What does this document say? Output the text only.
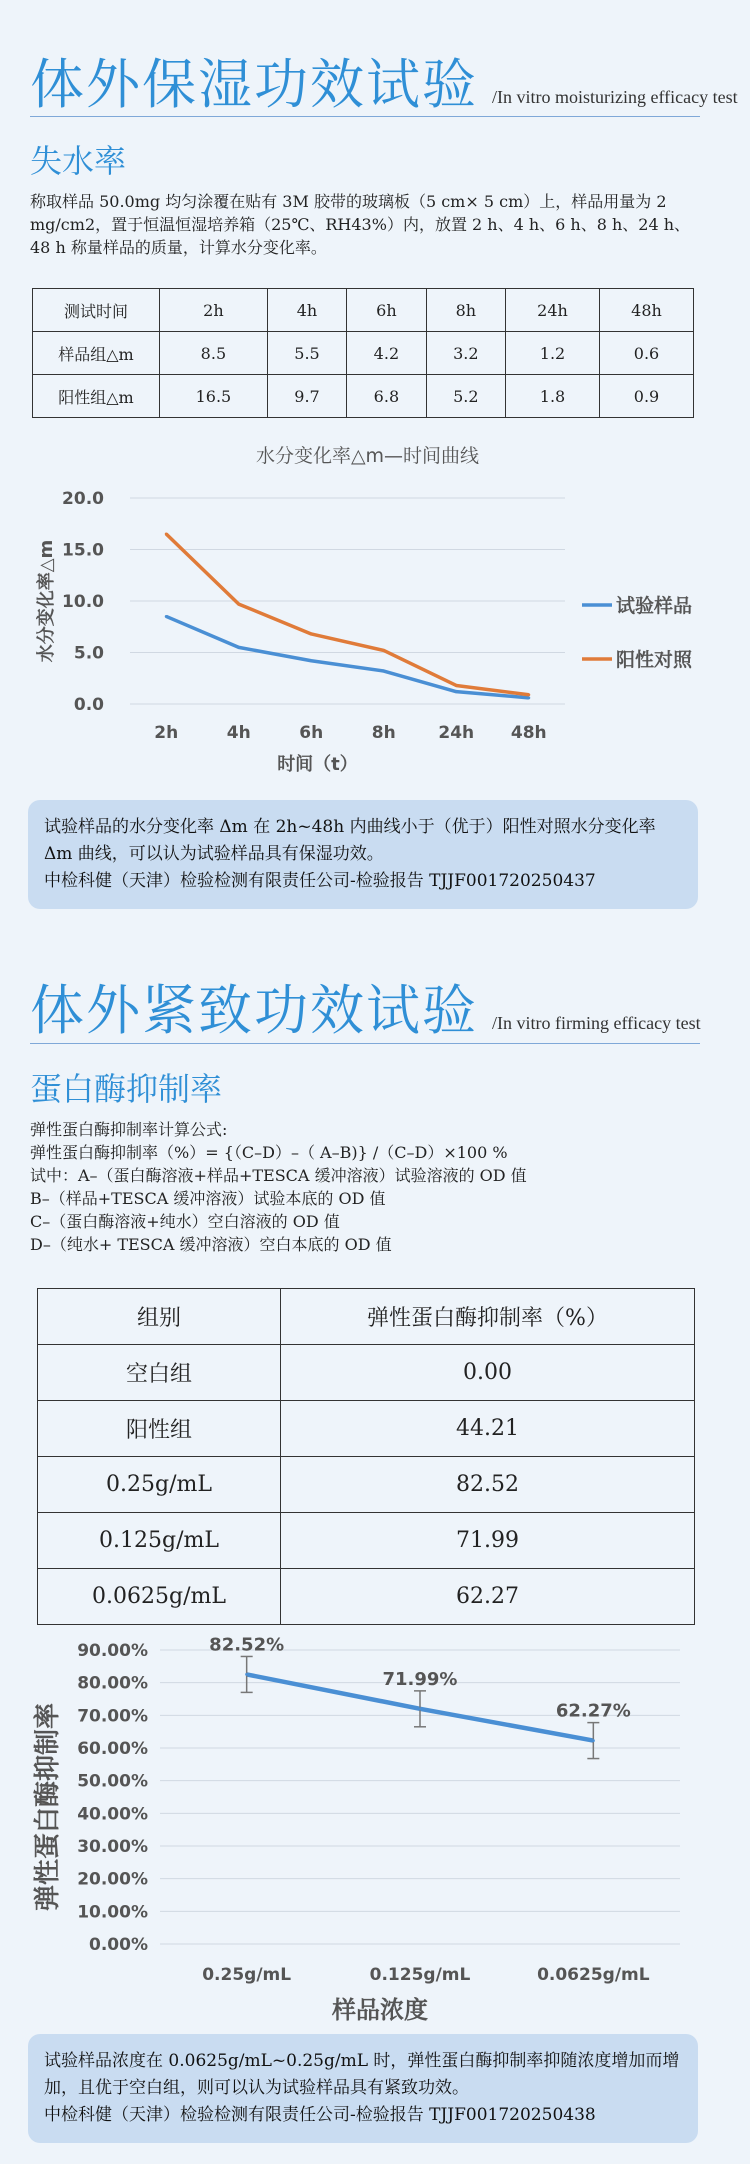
体外保湿功效试验 /In vitro moisturizing efficacy test
失水率
称取样品 50.0mg 均匀涂覆在贴有 3M 胶带的玻璃板（5 cm× 5 cm）上，样品用量为 2 mg/cm2，置于恒温恒湿培养箱（25℃、RH43%）内，放置 2 h、4 h、6 h、8 h、24 h、48 h 称量样品的质量，计算水分变化率。
测试时间	2h	4h	6h	8h	24h	48h
样品组△m	8.5	5.5	4.2	3.2	1.2	0.6
阳性组△m	16.5	9.7	6.8	5.2	1.8	0.9
水分变化率△m—时间曲线
0.0
5.0
10.0
15.0
20.0
2h	4h	6h	8h	24h 48h
时间（t）
水分变化率△m	试验样品
阳性对照

试验样品的水分变化率 Δm 在 2h~48h 内曲线小于（优于）阳性对照水分变化率 Δm 曲线，可以认为试验样品具有保湿功效。

中检科健（天津）检验检测有限责任公司-检验报告 TJJF001720250437

体外紧致功效试验 /In vitro firming efficacy test
蛋白酶抑制率
弹性蛋白酶抑制率计算公式:
弹性蛋白酶抑制率（%）= {（C–D）–（ A–B)} /（C–D）×100 %
试中：A–（蛋白酶溶液+样品+TESCA 缓冲溶液）试验溶液的 OD 值
B–（样品+TESCA 缓冲溶液）试验本底的 OD 值
C–（蛋白酶溶液+纯水）空白溶液的 OD 值
D–（纯水+ TESCA 缓冲溶液）空白本底的 OD 值
组别	弹性蛋白酶抑制率（%）
空白组	0.00
阳性组	44.21
0.25g/mL	82.52
0.125g/mL	71.99
0.0625g/mL	62.27
0.00%
10.00%
20.00%
30.00%
40.00%
50.00%
60.00%
70.00%
80.00%
90.00%
0.25g/mL	0.125g/mL	0.0625g/mL
样品浓度
弹性蛋白酶抑制率
82.52%
71.99%
62.27%

试验样品浓度在 0.0625g/mL~0.25g/mL 时，弹性蛋白酶抑制率抑随浓度增加而增加，且优于空白组，则可以认为试验样品具有紧致功效。

中检科健（天津）检验检测有限责任公司-检验报告 TJJF001720250438
